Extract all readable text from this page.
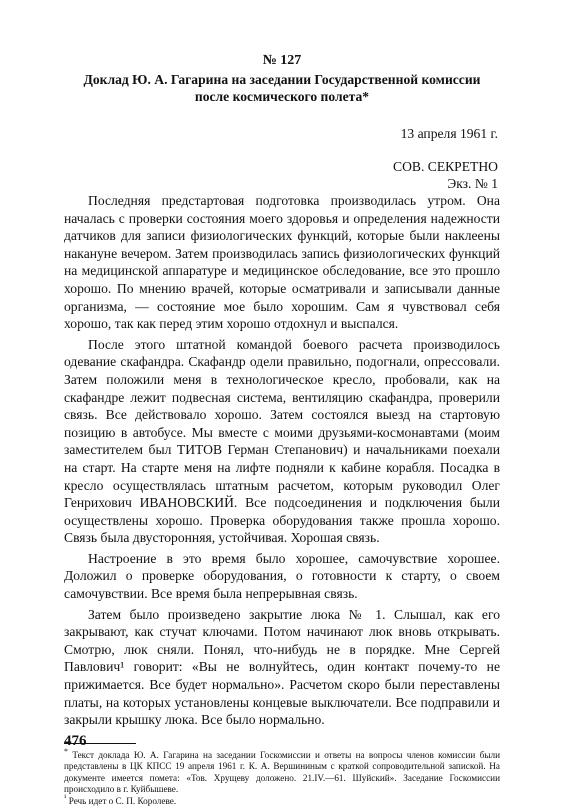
№ 127
Доклад Ю. А. Гагарина на заседании Государственной комиссии
после космического полета*
13 апреля 1961 г.
СОВ. СЕКРЕТНО
Экз. № 1

Последняя предстартовая подготовка производилась утром. Она началась с проверки состояния моего здоровья и определения надежности датчиков для записи физиологических функций, которые были наклеены накануне вечером. Затем производилась запись физиологических функций на медицинской аппаратуре и медицинское обследование, все это прошло хорошо. По мнению врачей, которые осматривали и записывали данные организма, — состояние мое было хорошим. Сам я чувствовал себя хорошо, так как перед этим хорошо отдохнул и выспался.

После этого штатной командой боевого расчета производилось одевание скафандра. Скафандр одели правильно, подогнали, опрессовали. Затем положили меня в технологическое кресло, пробовали, как на скафандре лежит подвесная система, вентиляцию скафандра, проверили связь. Все действовало хорошо. Затем состоялся выезд на стартовую позицию в автобусе. Мы вместе с моими друзьями-космонавтами (моим заместителем был ТИТОВ Герман Степанович) и начальниками поехали на старт. На старте меня на лифте подняли к кабине корабля. Посадка в кресло осуществлялась штатным расчетом, которым руководил Олег Генрихович ИВАНОВСКИЙ. Все подсоединения и подключения были осуществлены хорошо. Проверка оборудования также прошла хорошо. Связь была двусторонняя, устойчивая. Хорошая связь.

Настроение в это время было хорошее, самочувствие хорошее. Доложил о проверке оборудования, о готовности к старту, о своем самочувствии. Все время была непрерывная связь.

Затем было произведено закрытие люка № 1. Слышал, как его закрывают, как стучат ключами. Потом начинают люк вновь открывать. Смотрю, люк сняли. Понял, что-нибудь не в порядке. Мне Сергей Павлович¹ говорит: «Вы не волнуйтесь, один контакт почему-то не прижимается. Все будет нормально». Расчетом скоро были переставлены платы, на которых установлены концевые выключатели. Все подправили и закрыли крышку люка. Все было нормально.

* Текст доклада Ю. А. Гагарина на заседании Госкомиссии и ответы на вопросы членов комиссии были представлены в ЦК КПСС 19 апреля 1961 г. К. А. Вершининым с краткой сопроводительной запиской. На документе имеется помета: «Тов. Хрущеву доложено. 21.IV.—61. Шуйский». Заседание Госкомиссии происходило в г. Куйбышеве.

¹ Речь идет о С. П. Королеве.

476
